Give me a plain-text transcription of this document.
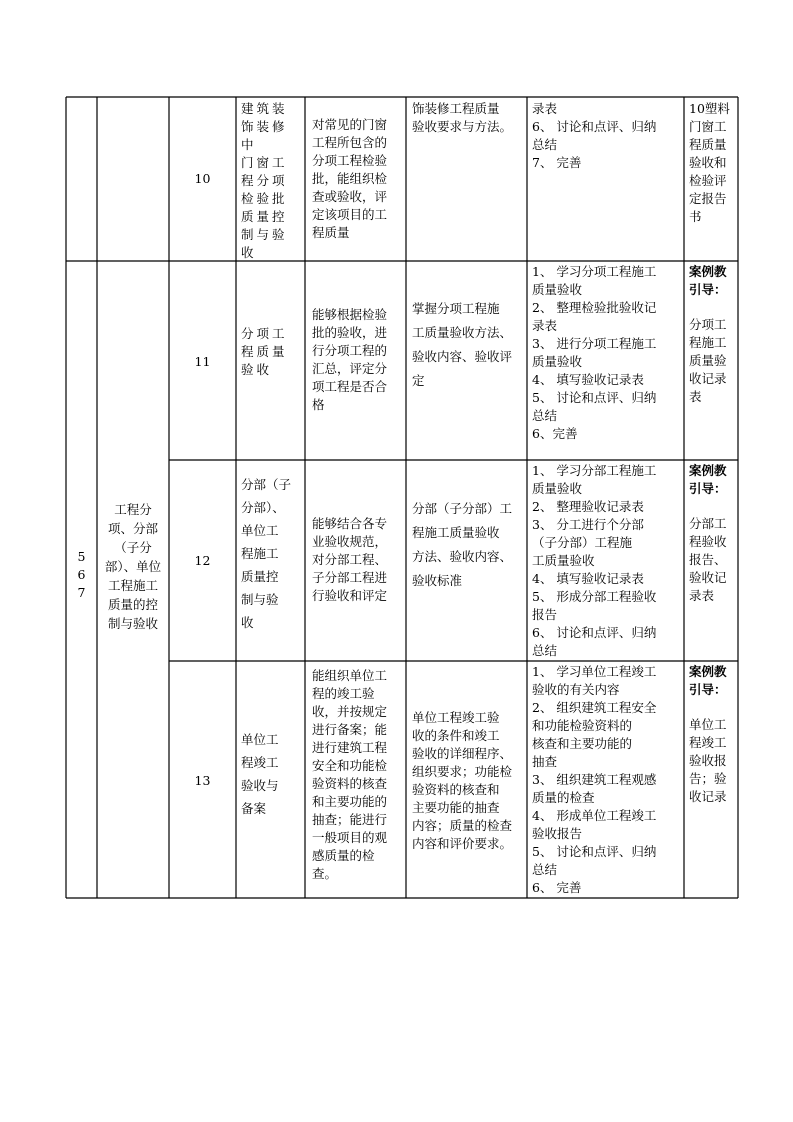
10
建筑装
饰装修中
门窗工
程分项
检验批
质量控
制与验
收
对常见的门窗
工程所包含的
分项工程检验
批，能组织检
查或验收，评
定该项目的工
程质量
饰装修工程质量
验收要求与方法。
录表
6、 讨论和点评、归纳
总结
7、 完善
10塑料
门窗工
程质量
验收和
检验评
定报告
书
5
6
7
工程分
项、分部
（子分
部）、单位
工程施工
质量的控
制与验收
11
分项工
程质量
验收
能够根据检验
批的验收，进
行分项工程的
汇总，评定分
项工程是否合
格
掌握分项工程施
工质量验收方法、
验收内容、验收评
定
1、 学习分项工程施工
质量验收
2、 整理检验批验收记
录表
3、 进行分项工程施工
质量验收
4、 填写验收记录表
5、 讨论和点评、归纳
总结
6、完善
案例教
引导：
分项工
程施工
质量验
收记录
表
12
分部（子
分部）、
单位工
程施工
质量控
制与验
收
能够结合各专
业验收规范，
对分部工程、
子分部工程进
行验收和评定
分部（子分部）工
程施工质量验收
方法、验收内容、
验收标准
1、 学习分部工程施工
质量验收
2、 整理验收记录表
3、 分工进行个分部
（子分部）工程施
工质量验收
4、 填写验收记录表
5、 形成分部工程验收
报告
6、 讨论和点评、归纳
总结
案例教
引导：
分部工
程验收
报告、
验收记
录表
13
单位工
程竣工
验收与
备案
能组织单位工
程的竣工验
收，并按规定
进行备案；能
进行建筑工程
安全和功能检
验资料的核查
和主要功能的
抽查；能进行
一般项目的观
感质量的检
查。
单位工程竣工验
收的条件和竣工
验收的详细程序、
组织要求；功能检
验资料的核查和
主要功能的抽查
内容；质量的检查
内容和评价要求。
1、 学习单位工程竣工
验收的有关内容
2、 组织建筑工程安全
和功能检验资料的
核查和主要功能的
抽查
3、 组织建筑工程观感
质量的检查
4、 形成单位工程竣工
验收报告
5、 讨论和点评、归纳
总结
6、 完善
案例教
引导：
单位工
程竣工
验收报
告；验
收记录
